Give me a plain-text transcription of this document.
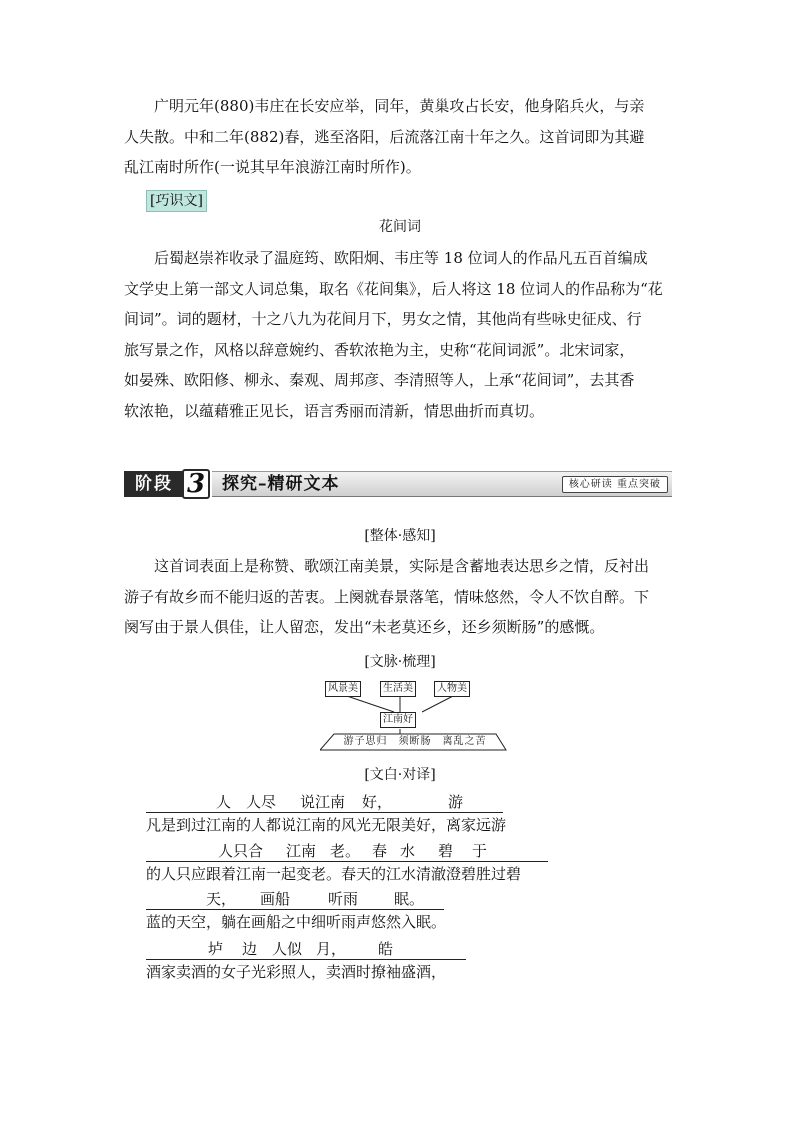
广明元年(880)韦庄在长安应举，同年，黄巢攻占长安，他身陷兵火，与亲
人失散。中和二年(882)春，逃至洛阳，后流落江南十年之久。这首词即为其避
乱江南时所作(一说其早年浪游江南时所作)。
[巧识文]
花间词
后蜀赵崇祚收录了温庭筠、欧阳炯、韦庄等 18 位词人的作品凡五百首编成
文学史上第一部文人词总集，取名《花间集》，后人将这 18 位词人的作品称为“花
间词”。词的题材，十之八九为花间月下，男女之情，其他尚有些咏史征戍、行
旅写景之作，风格以辞意婉约、香软浓艳为主，史称“花间词派”。北宋词家，
如晏殊、欧阳修、柳永、秦观、周邦彦、李清照等人，上承“花间词”，去其香
软浓艳，以蕴藉雅正见长，语言秀丽而清新，情思曲折而真切。
阶段 3 探究–精研文本	核心研读 重点突破
[整体·感知]
这首词表面上是称赞、歌颂江南美景，实际是含蓄地表达思乡之情，反衬出
游子有故乡而不能归返的苦衷。上阕就春景落笔，情味悠然，令人不饮自醉。下
阕写由于景人俱佳，让人留恋，发出“未老莫还乡，还乡须断肠”的感慨。
[文脉·梳理]
风景美	生活美	人物美
江南好
游子思归　须断肠　离乱之苦
[文白·对译]
人 人尽 说江南 好，	游
凡是到过江南的人都说江南的风光无限美好，离家远游
人只合 江南 老。 春 水 碧 于
的人只应跟着江南一起变老。春天的江水清澈澄碧胜过碧
天， 画船	听雨 眠。
蓝的天空，躺在画船之中细听雨声悠然入眠。
垆 边 人似 月， 皓
酒家卖酒的女子光彩照人，卖酒时撩袖盛酒，
